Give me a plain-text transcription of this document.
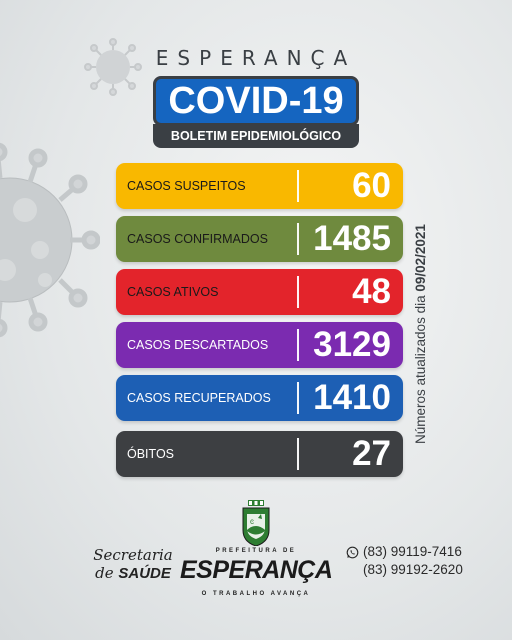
ESPERANÇA
COVID-19
BOLETIM EPIDEMIOLÓGICO
CASOS SUSPEITOS	60
CASOS CONFIRMADOS	1485
CASOS ATIVOS	48
CASOS DESCARTADOS	3129
CASOS RECUPERADOS	1410
ÓBITOS	27
Números atualizados dia 09/02/2021
Secretaria
de SAÚDE
ͼ
PREFEITURA DE
ESPERANÇA
O TRABALHO AVANÇA
(83) 99119-7416
(83) 99192-2620
